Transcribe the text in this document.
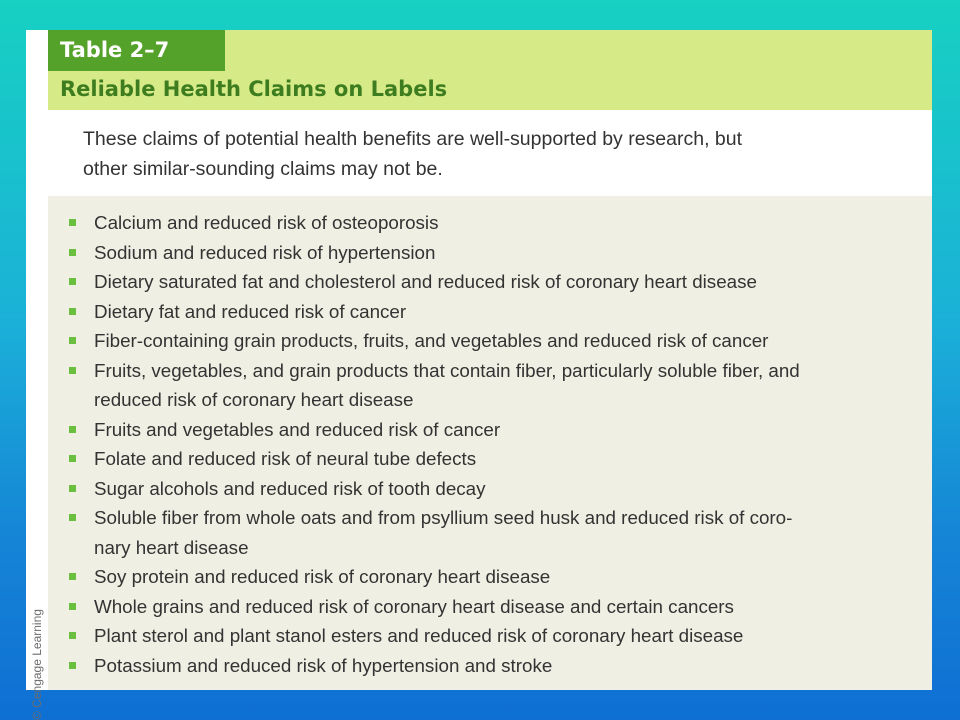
© Cengage Learning
Table 2–7
Reliable Health Claims on Labels
These claims of potential health benefits are well-supported by research, but
other similar-sounding claims may not be.
Calcium and reduced risk of osteoporosis
Sodium and reduced risk of hypertension
Dietary saturated fat and cholesterol and reduced risk of coronary heart disease
Dietary fat and reduced risk of cancer
Fiber-containing grain products, fruits, and vegetables and reduced risk of cancer
Fruits, vegetables, and grain products that contain fiber, particularly soluble fiber, and
reduced risk of coronary heart disease
Fruits and vegetables and reduced risk of cancer
Folate and reduced risk of neural tube defects
Sugar alcohols and reduced risk of tooth decay
Soluble fiber from whole oats and from psyllium seed husk and reduced risk of coro-
nary heart disease
Soy protein and reduced risk of coronary heart disease
Whole grains and reduced risk of coronary heart disease and certain cancers
Plant sterol and plant stanol esters and reduced risk of coronary heart disease
Potassium and reduced risk of hypertension and stroke
